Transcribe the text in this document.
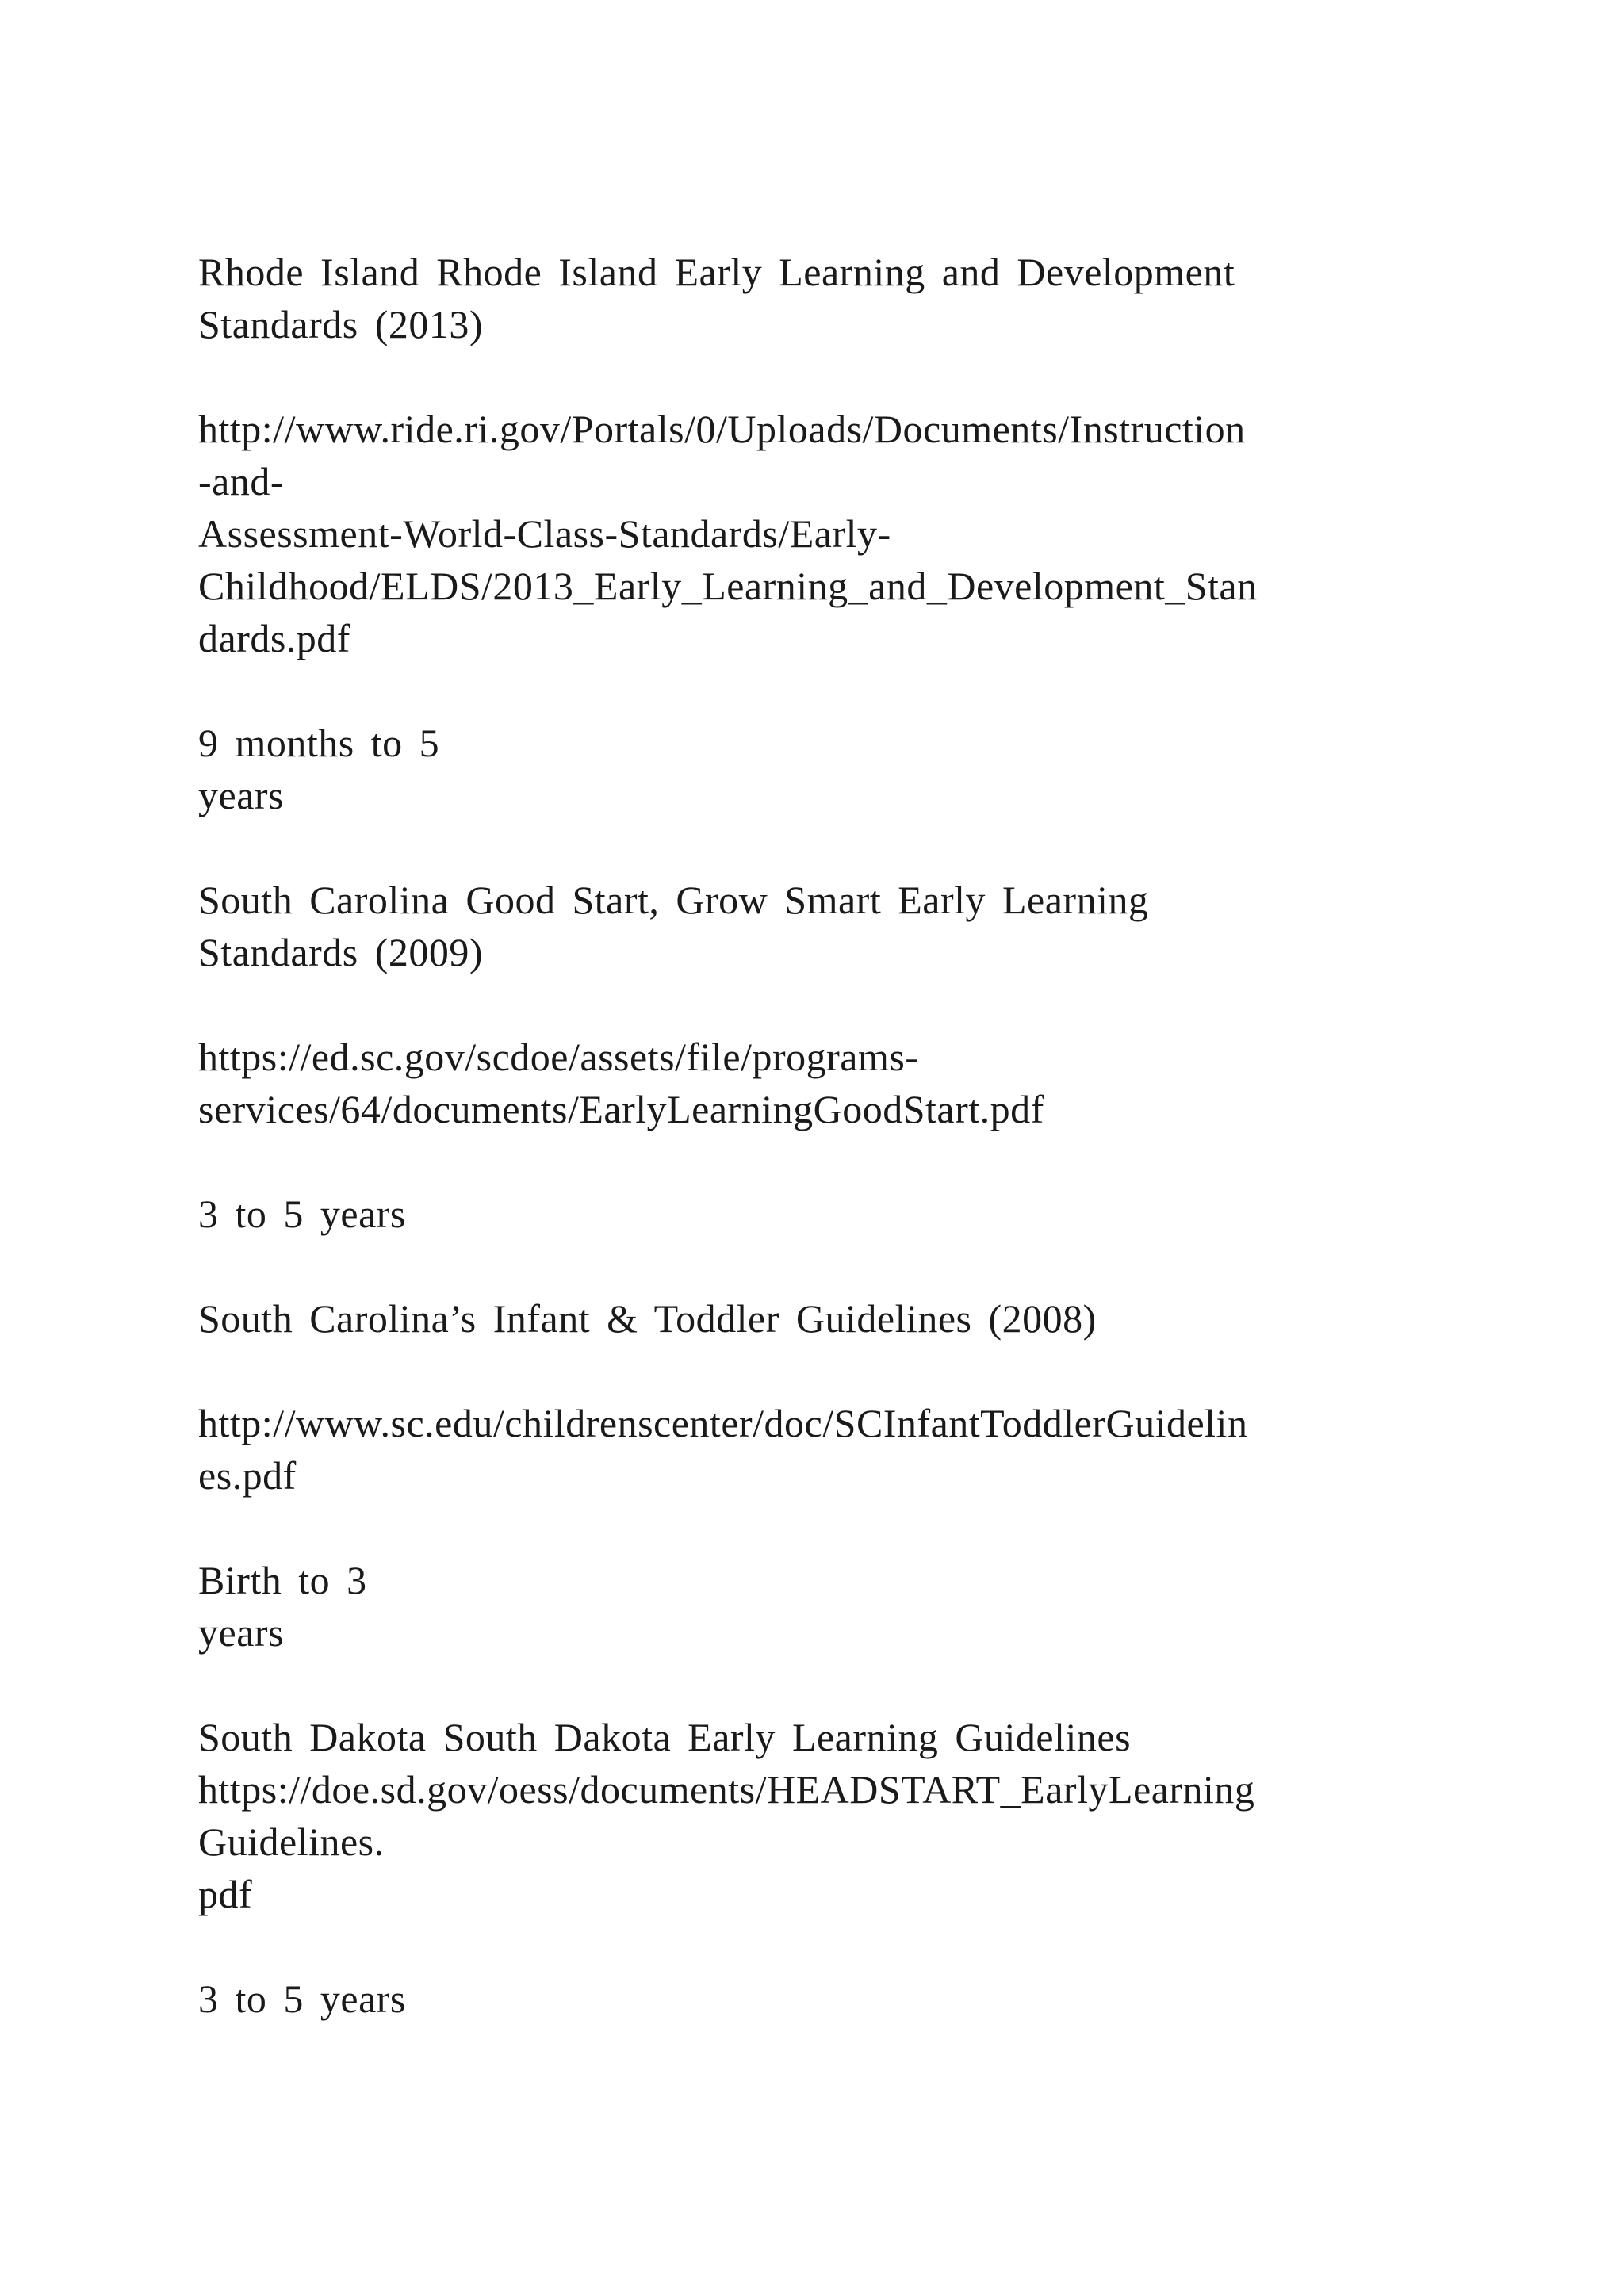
Rhode Island Rhode Island Early Learning and Development
Standards (2013)
http://www.ride.ri.gov/Portals/0/Uploads/Documents/Instruction
-and-
Assessment-World-Class-Standards/Early-
Childhood/ELDS/2013_Early_Learning_and_Development_Stan
dards.pdf
9 months to 5
years
South Carolina Good Start, Grow Smart Early Learning
Standards (2009)
https://ed.sc.gov/scdoe/assets/file/programs-
services/64/documents/EarlyLearningGoodStart.pdf
3 to 5 years
South Carolina’s Infant & Toddler Guidelines (2008)
http://www.sc.edu/childrenscenter/doc/SCInfantToddlerGuidelin
es.pdf
Birth to 3
years
South Dakota South Dakota Early Learning Guidelines
https://doe.sd.gov/oess/documents/HEADSTART_EarlyLearning
Guidelines.
pdf
3 to 5 years
